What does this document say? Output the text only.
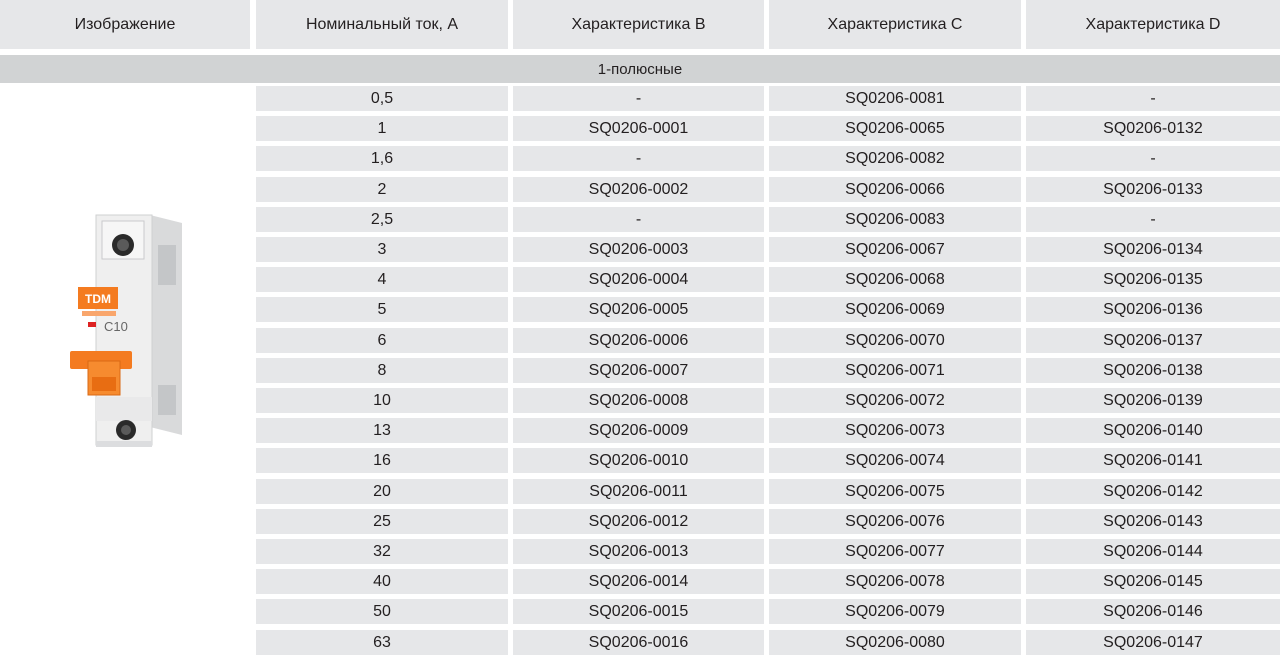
Изображение	Номинальный ток, А	Характеристика B	Характеристика C	Характеристика D
1-полюсные
TDM
C10
0,5	-	SQ0206-0081	-
1	SQ0206-0001	SQ0206-0065	SQ0206-0132
1,6	-	SQ0206-0082	-
2	SQ0206-0002	SQ0206-0066	SQ0206-0133
2,5	-	SQ0206-0083	-
3	SQ0206-0003	SQ0206-0067	SQ0206-0134
4	SQ0206-0004	SQ0206-0068	SQ0206-0135
5	SQ0206-0005	SQ0206-0069	SQ0206-0136
6	SQ0206-0006	SQ0206-0070	SQ0206-0137
8	SQ0206-0007	SQ0206-0071	SQ0206-0138
10	SQ0206-0008	SQ0206-0072	SQ0206-0139
13	SQ0206-0009	SQ0206-0073	SQ0206-0140
16	SQ0206-0010	SQ0206-0074	SQ0206-0141
20	SQ0206-0011	SQ0206-0075	SQ0206-0142
25	SQ0206-0012	SQ0206-0076	SQ0206-0143
32	SQ0206-0013	SQ0206-0077	SQ0206-0144
40	SQ0206-0014	SQ0206-0078	SQ0206-0145
50	SQ0206-0015	SQ0206-0079	SQ0206-0146
63	SQ0206-0016	SQ0206-0080	SQ0206-0147
